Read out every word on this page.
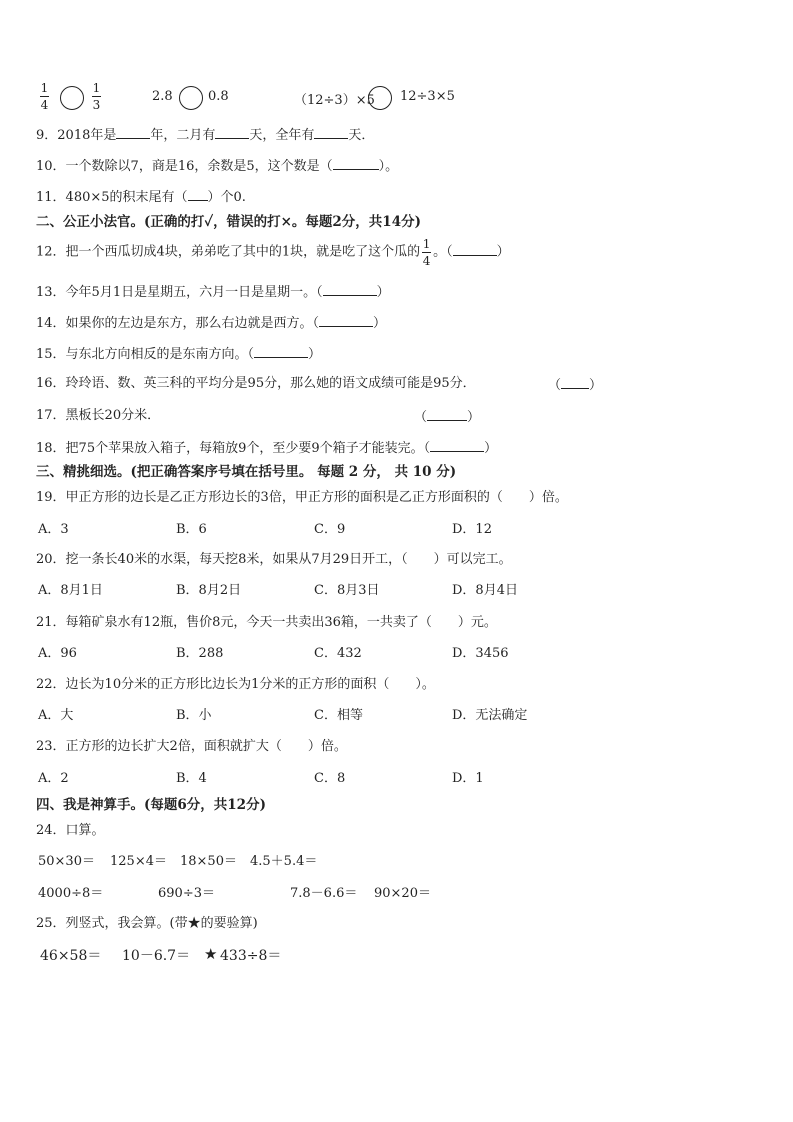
1
4
1
3
2.8	0.8	（12÷3）×5 12÷3×5
9．2018年是	年，二月有	天，全年有	天．
10．一个数除以7，商是16，余数是5，这个数是（	）。
11．480×5的积末尾有（ ）个0.
二、公正小法官。(正确的打✓，错误的打×。每题2分，共14分)
12．把一个西瓜切成4块，弟弟吃了其中的1块，就是吃了这个瓜的 $\frac{1}{4}$ 。（	）
13．今年5月1日是星期五，六月一日是星期一。（	）
14．如果你的左边是东方，那么右边就是西方。（	）
15．与东北方向相反的是东南方向。（	）
16．玲玲语、数、英三科的平均分是95分，那么她的语文成绩可能是95分．	（ ）
17．黑板长20分米．	（	）
18．把75个苹果放入箱子，每箱放9个，至少要9个箱子才能装完。（	）
三、精挑细选。(把正确答案序号填在括号里。 每题 2 分， 共 10 分)
19．甲正方形的边长是乙正方形边长的3倍，甲正方形的面积是乙正方形面积的（　　）倍。
A．3	B．6	C．9	D．12
20．挖一条长40米的水渠，每天挖8米，如果从7月29日开工，（　　）可以完工。
A．8月1日	B．8月2日	C．8月3日	D．8月4日
21．每箱矿泉水有12瓶，售价8元，今天一共卖出36箱，一共卖了（　　）元。
A．96	B．288	C．432	D．3456
22．边长为10分米的正方形比边长为1分米的正方形的面积（　　）。
A．大	B．小	C．相等	D．无法确定
23．正方形的边长扩大2倍，面积就扩大（　　）倍。
A．2	B．4	C．8	D．1
四、我是神算手。(每题6分，共12分)
24．口算。
50×30＝ 125×4＝ 18×50＝ 4.5＋5.4＝
4000÷8＝	690÷3＝	7.8－6.6＝ 90×20＝
25．列竖式，我会算。(带★的要验算)
46×58＝ 10－6.7＝ ★ 433÷8＝
